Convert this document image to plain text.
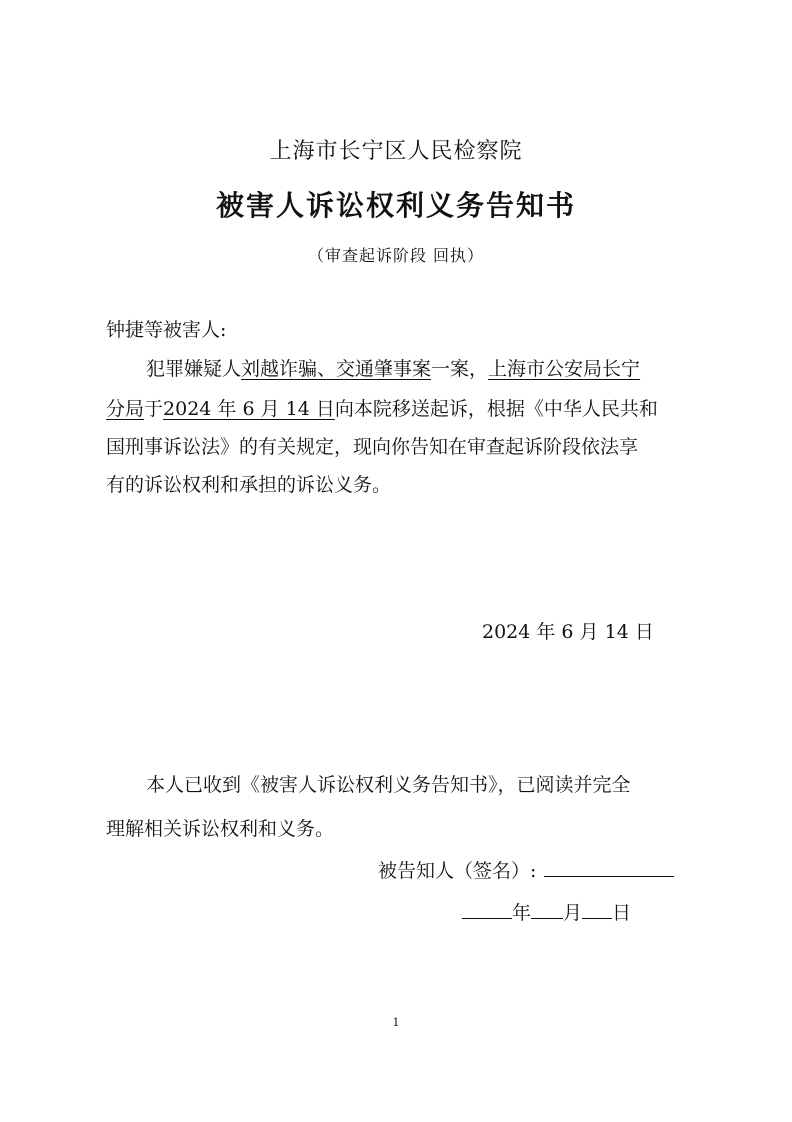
上海市长宁区人民检察院
被害人诉讼权利义务告知书
（审查起诉阶段 回执）
钟捷等被害人:
犯罪嫌疑人刘越诈骗、交通肇事案一案，上海市公安局长宁
分局于2024 年 6 月 14 日向本院移送起诉，根据《中华人民共和
国刑事诉讼法》的有关规定，现向你告知在审查起诉阶段依法享
有的诉讼权利和承担的诉讼义务。
2024 年 6 月 14 日
本人已收到《被害人诉讼权利义务告知书》，已阅读并完全
理解相关诉讼权利和义务。
被告知人（签名）:
年 月 日
1
